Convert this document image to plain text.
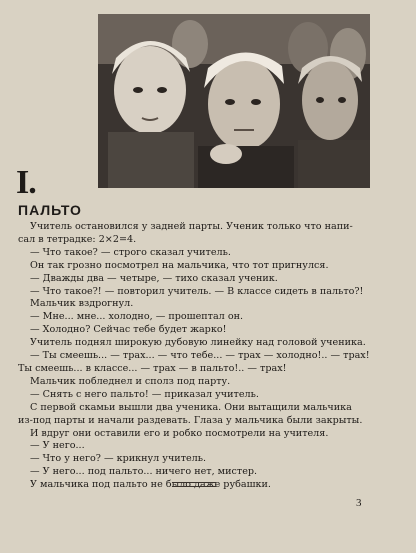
I.
ПАЛЬТО
Учитель остановился у задней парты. Ученик только что напи-
сал в тетрадке: 2×2=4.
— Что такое? — строго сказал учитель.
Он так грозно посмотрел на мальчика, что тот пригнулся.
— Дважды два — четыре, — тихо сказал ученик.
— Что такое?! — повторил учитель. — В классе сидеть в пальто?!
Мальчик вздрогнул.
— Мне... мне... холодно, — прошептал он.
— Холодно? Сейчас тебе будет жарко!
Учитель поднял широкую дубовую линейку над головой ученика.
— Ты смеешь... — трах... — что тебе... — трах — холодно!.. — трах!
Ты смеешь... в классе... — трах — в пальто!.. — трах!
Мальчик побледнел и сполз под парту.
— Снять с него пальто! — приказал учитель.
С первой скамьи вышли два ученика. Они вытащили мальчика
из-под парты и начали раздевать. Глаза у мальчика были закрыты.
И вдруг они оставили его и робко посмотрели на учителя.
— У него...
— Что у него? — крикнул учитель.
— У него... под пальто... ничего нет, мистер.
У мальчика под пальто не было даже рубашки.
3
